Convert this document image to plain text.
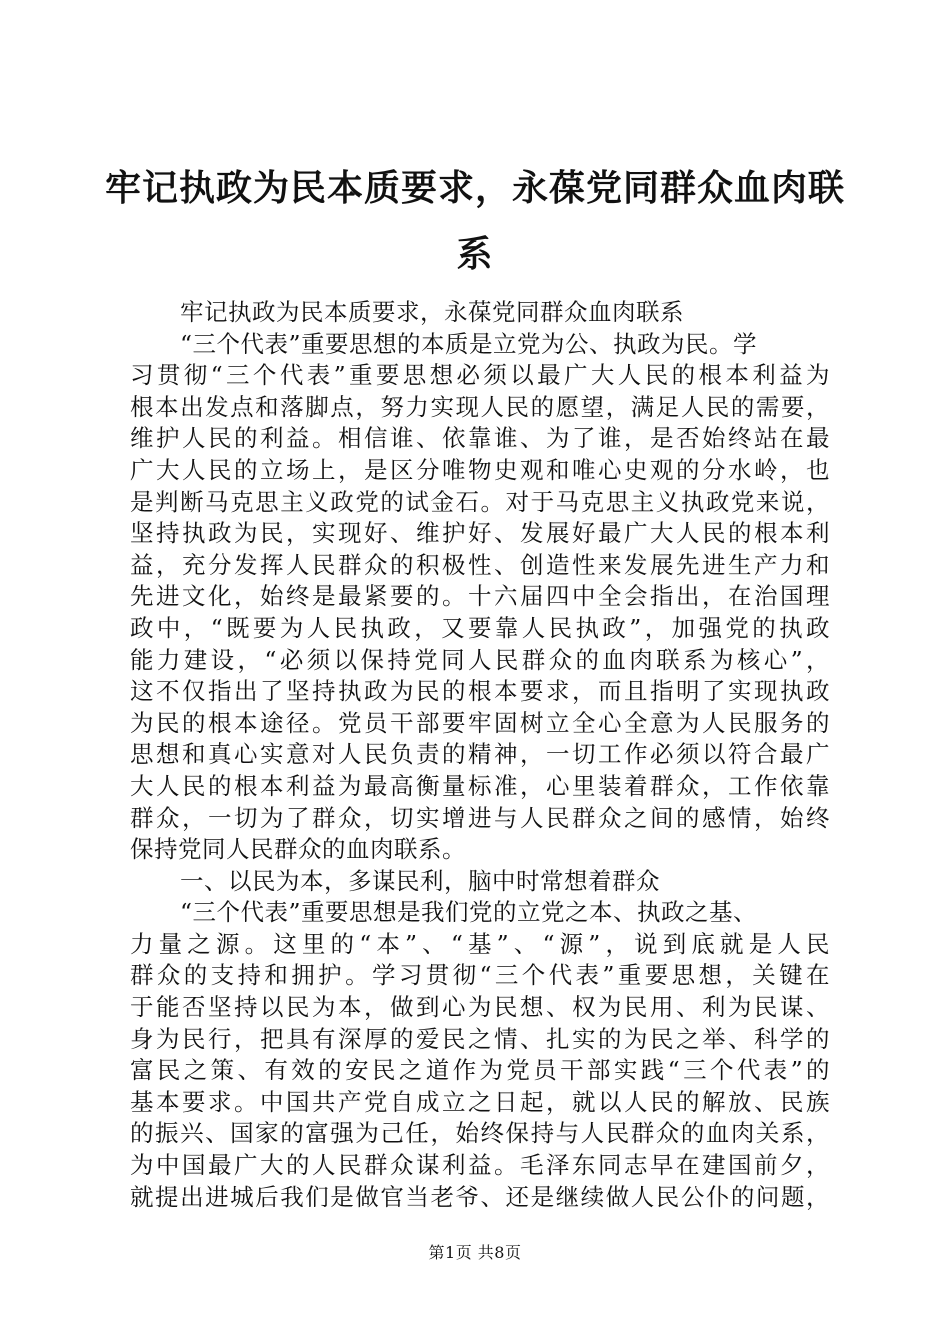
牢记执政为民本质要求，永葆党同群众血肉联
系
牢记执政为民本质要求，永葆党同群众血肉联系
“三个代表”重要思想的本质是立党为公、执政为民。学
习贯彻“三个代表”重要思想必须以最广大人民的根本利益为
根本出发点和落脚点，努力实现人民的愿望，满足人民的需要，
维护人民的利益。相信谁、依靠谁、为了谁，是否始终站在最
广大人民的立场上，是区分唯物史观和唯心史观的分水岭，也
是判断马克思主义政党的试金石。对于马克思主义执政党来说，
坚持执政为民，实现好、维护好、发展好最广大人民的根本利
益，充分发挥人民群众的积极性、创造性来发展先进生产力和
先进文化，始终是最紧要的。十六届四中全会指出，在治国理
政中，“既要为人民执政，又要靠人民执政”，加强党的执政
能力建设，“必须以保持党同人民群众的血肉联系为核心”，
这不仅指出了坚持执政为民的根本要求，而且指明了实现执政
为民的根本途径。党员干部要牢固树立全心全意为人民服务的
思想和真心实意对人民负责的精神，一切工作必须以符合最广
大人民的根本利益为最高衡量标准，心里装着群众，工作依靠
群众，一切为了群众，切实增进与人民群众之间的感情，始终
保持党同人民群众的血肉联系。
一、以民为本，多谋民利，脑中时常想着群众
“三个代表”重要思想是我们党的立党之本、执政之基、
力量之源。这里的“本”、“基”、“源”，说到底就是人民
群众的支持和拥护。学习贯彻“三个代表”重要思想，关键在
于能否坚持以民为本，做到心为民想、权为民用、利为民谋、
身为民行，把具有深厚的爱民之情、扎实的为民之举、科学的
富民之策、有效的安民之道作为党员干部实践“三个代表”的
基本要求。中国共产党自成立之日起，就以人民的解放、民族
的振兴、国家的富强为己任，始终保持与人民群众的血肉关系，
为中国最广大的人民群众谋利益。毛泽东同志早在建国前夕，
就提出进城后我们是做官当老爷、还是继续做人民公仆的问题，
第1页 共8页
